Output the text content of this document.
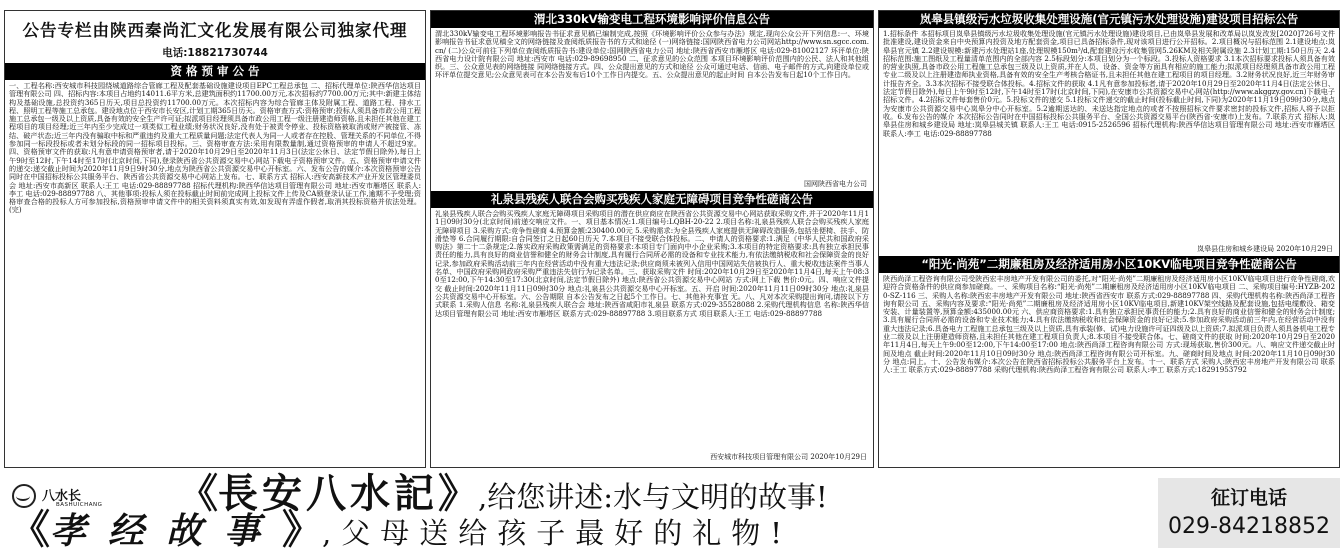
公告专栏由陕西秦尚汇文化发展有限公司独家代理
电话:18821730744
资 格 预 审 公 告

一、工程名称:西安城市科技园绕城道路综合管廊工程及配套基础设施建设项目EPC工程总承包 二、招标代理单位:陕西华信达项目管理有限公司 四、招标内容:本项目占地约14011.6平方米,总建筑面积约11700.00万元,本次招标约7700.00万元;其中:新建主体结构及基础设施,总投资约365日历天,项目总投资约11700.00万元。本次招标内容为综合管廊主体及附属工程、道路工程、排水工程、照明工程等施工总承包。建设地点位于西安市长安区,计划工期365日历天。资格审查方式:资格预审;投标人须具备市政公用工程施工总承包一级及以上资质,具备有效的安全生产许可证;拟派项目经理须具备市政公用工程一级注册建造师资格,且未担任其他在建工程项目的项目经理;近三年内至少完成过一项类似工程业绩;财务状况良好,没有处于被责令停业、投标资格被取消或财产被接管、冻结、破产状态;近三年内没有骗取中标和严重违约及重大工程质量问题;法定代表人为同一人或者存在控股、管理关系的不同单位,不得参加同一标段投标或者未划分标段的同一招标项目投标。三、资格审查方法:采用有限数量制,通过资格预审的申请人不超过9家。四、资格预审文件的获取:凡有意申请资格预审者,请于2020年10月29日至2020年11月3日(法定公休日、法定节假日除外),每日上午9时至12时,下午14时至17时(北京时间,下同),登录陕西省公共资源交易中心网站下载电子资格预审文件。五、资格预审申请文件的递交:递交截止时间为2020年11月9日9时30分,地点为陕西省公共资源交易中心开标室。六、发布公告的媒介:本次资格预审公告同时在中国招标投标公共服务平台、陕西省公共资源交易中心网站上发布。七、联系方式 招标人:西安高新技术产业开发区管理委员会 地址:西安市高新区 联系人:王工 电话:029-88897788 招标代理机构:陕西华信达项目管理有限公司 地址:西安市雁塔区 联系人:李工 电话:029-88897788 八、其他事项:投标人须在投标截止时间前完成网上投标文件上传及CA锁登录认证工作,逾期不予受理;资格审查合格的投标人方可参加投标,资格预审申请文件中的相关资料须真实有效,如发现有弄虚作假者,取消其投标资格并依法处理。(完)

渭北330kV输变电工程环境影响评价信息公告

渭北330kV输变电工程环境影响报告书征求意见稿已编制完成,按照《环境影响评价公众参与办法》规定,现向公众公开下列信息:一、环境影响报告书征求意见稿全文的网络链接及查阅纸质报告书的方式和途径 (一)网络链接:国网陕西省电力公司网站http://www.sn.sgcc.com.cn/ (二)公众可前往下列单位查阅纸质报告书:建设单位:国网陕西省电力公司 地址:陕西省西安市雁塔区 电话:029-81002127 环评单位:陕西省电力设计院有限公司 地址:西安市 电话:029-89698950 二、征求意见的公众范围 本项目环境影响评价范围内的公民、法人和其他组织。三、公众意见表的网络链接 同网络链接方式。四、公众提出意见的方式和途径 公众可通过电话、信函、电子邮件的方式,向建设单位或环评单位提交意见;公众意见表可在本公告发布后10个工作日内提交。五、公众提出意见的起止时间 自本公告发布日起10个工作日内。

国网陕西省电力公司
礼泉县残疾人联合会购买残疾人家庭无障碍项目竞争性磋商公告

礼泉县残疾人联合会购买残疾人家庭无障碍项目采购项目的潜在供应商应在陕西省公共资源交易中心网站获取采购文件,并于2020年11月11日09时30分(北京时间)前递交响应文件。一、项目基本情况:1.项目编号:LQBH-20-22 2.项目名称:礼泉县残疾人联合会购买残疾人家庭无障碍项目 3.采购方式:竞争性磋商 4.预算金额:230400.00元 5.采购需求:为全县残疾人家庭提供无障碍改造服务,包括坐便椅、扶手、防滑垫等 6.合同履行期限:自合同签订之日起60日历天 7.本项目不接受联合体投标。二、申请人的资格要求:1.满足《中华人民共和国政府采购法》第二十二条规定;2.落实政府采购政策需满足的资格要求:本项目专门面向中小企业采购;3.本项目的特定资格要求:具有独立承担民事责任的能力,具有良好的商业信誉和健全的财务会计制度,具有履行合同所必需的设备和专业技术能力,有依法缴纳税收和社会保障资金的良好记录,参加政府采购活动前三年内在经营活动中没有重大违法记录;供应商须未被列入信用中国网站失信被执行人、重大税收违法案件当事人名单、中国政府采购网政府采购严重违法失信行为记录名单。三、获取采购文件 时间:2020年10月29日至2020年11月4日,每天上午08:30至12:00,下午14:30至17:30(北京时间,法定节假日除外) 地点:陕西省公共资源交易中心网站 方式:网上下载 售价:0元。四、响应文件提交 截止时间:2020年11月11日09时30分 地点:礼泉县公共资源交易中心开标室。五、开启 时间:2020年11月11日09时30分 地点:礼泉县公共资源交易中心开标室。六、公告期限 自本公告发布之日起5个工作日。七、其他补充事宜 无。八、凡对本次采购提出询问,请按以下方式联系 1.采购人信息 名称:礼泉县残疾人联合会 地址:陕西省咸阳市礼泉县 联系方式:029-35528088 2.采购代理机构信息 名称:陕西华信达项目管理有限公司 地址:西安市雁塔区 联系方式:029-88897788 3.项目联系方式 项目联系人:王工 电话:029-88897788

西安城市科技项目管理有限公司 2020年10月29日
岚皋县镇级污水垃圾收集处理设施(官元镇污水处理设施)建设项目招标公告

1.招标条件 本招标项目岚皋县镇级污水垃圾收集处理设施(官元镇污水处理设施)建设项目,已由岚皋县发展和改革局以岚发改发[2020]726号文件批准建设,建设资金来自中央预算内投资及地方配套资金,项目已具备招标条件,现对该项目进行公开招标。2.项目概况与招标范围 2.1建设地点:岚皋县官元镇 2.2建设规模:新建污水处理站1座,处理规模150m³/d,配套建设污水收集管网5.26KM及相关附属设施 2.3计划工期:150日历天 2.4招标范围:施工图纸及工程量清单范围内的全部内容 2.5标段划分:本项目划分为一个标段。3.投标人资格要求 3.1本次招标要求投标人须具备有效的营业执照,具备市政公用工程施工总承包三级及以上资质,并在人员、设备、资金等方面具有相应的施工能力;拟派项目经理须具备市政公用工程专业二级及以上注册建造师执业资格,具备有效的安全生产考核合格证书,且未担任其他在建工程项目的项目经理。3.2财务状况良好,近三年财务审计报告齐全。3.3本次招标不接受联合体投标。4.招标文件的获取 4.1凡有意参加投标者,请于2020年10月29日至2020年11月4日(法定公休日、法定节假日除外),每日上午9时至12时,下午14时至17时(北京时间,下同),在安康市公共资源交易中心网站(http://www.akggzy.gov.cn)下载电子招标文件。4.2招标文件每套售价0元。5.投标文件的递交 5.1投标文件递交的截止时间(投标截止时间,下同)为2020年11月19日09时30分,地点为安康市公共资源交易中心岚皋分中心开标室。5.2逾期送达的、未送达指定地点的或者不按照招标文件要求密封的投标文件,招标人将予以拒收。6.发布公告的媒介 本次招标公告同时在中国招标投标公共服务平台、全国公共资源交易平台(陕西省·安康市)上发布。7.联系方式 招标人:岚皋县住房和城乡建设局 地址:岚皋县城关镇 联系人:王工 电话:0915-2526596 招标代理机构:陕西华信达项目管理有限公司 地址:西安市雁塔区 联系人:李工 电话:029-88897788

岚皋县住房和城乡建设局 2020年10月29日
“阳光·尚苑”二期廉租房及经济适用房小区10KV临电项目竞争性磋商公告

陕西尚泽工程咨询有限公司受陕西宏丰房地产开发有限公司的委托,对“阳光·尚苑”二期廉租房及经济适用房小区10KV临电项目进行竞争性磋商,欢迎符合资格条件的供应商参加磋商。一、采购项目名称:“阳光·尚苑”二期廉租房及经济适用房小区10KV临电项目 二、采购项目编号:HYZB-2020-SZ-116 三、采购人名称:陕西宏丰房地产开发有限公司 地址:陕西省西安市 联系方式:029-88897788 四、采购代理机构名称:陕西尚泽工程咨询有限公司 五、采购内容及要求:“阳光·尚苑”二期廉租房及经济适用房小区10KV临电项目,新建10KV架空线路及配套设施,包括电缆敷设、箱变安装、计量装置等,预算金额:435000.00元 六、供应商资格要求:1.具有独立承担民事责任的能力;2.具有良好的商业信誉和健全的财务会计制度;3.具有履行合同所必需的设备和专业技术能力;4.具有依法缴纳税收和社会保障资金的良好记录;5.参加政府采购活动前三年内,在经营活动中没有重大违法记录;6.具备电力工程施工总承包三级及以上资质,具有承装(修、试)电力设施许可证四级及以上资质;7.拟派项目负责人须具备机电工程专业二级及以上注册建造师资格,且未担任其他在建工程项目负责人;8.本项目不接受联合体。七、磋商文件的获取 时间:2020年10月29日至2020年11月4日,每天上午9:00至12:00,下午14:00至17:00 地点:陕西尚泽工程咨询有限公司 方式:现场获取,售价300元。八、响应文件递交截止时间及地点 截止时间:2020年11月10日09时30分 地点:陕西尚泽工程咨询有限公司开标室。九、磋商时间及地点 时间:2020年11月10日09时30分 地点:同上。十、公告发布媒介:本次公告在陕西省招标投标公共服务平台上发布。十一、联系方式 采购人:陕西宏丰房地产开发有限公司 联系人:王工 联系方式:029-88897788 采购代理机构:陕西尚泽工程咨询有限公司 联系人:李工 联系方式:18291953792

八水长
BASHUICHANG 《長安八水記》,给您讲述:水与文明的故事!
《孝经故事》,父母送给孩子最好的礼物!
征订电话
029-84218852
